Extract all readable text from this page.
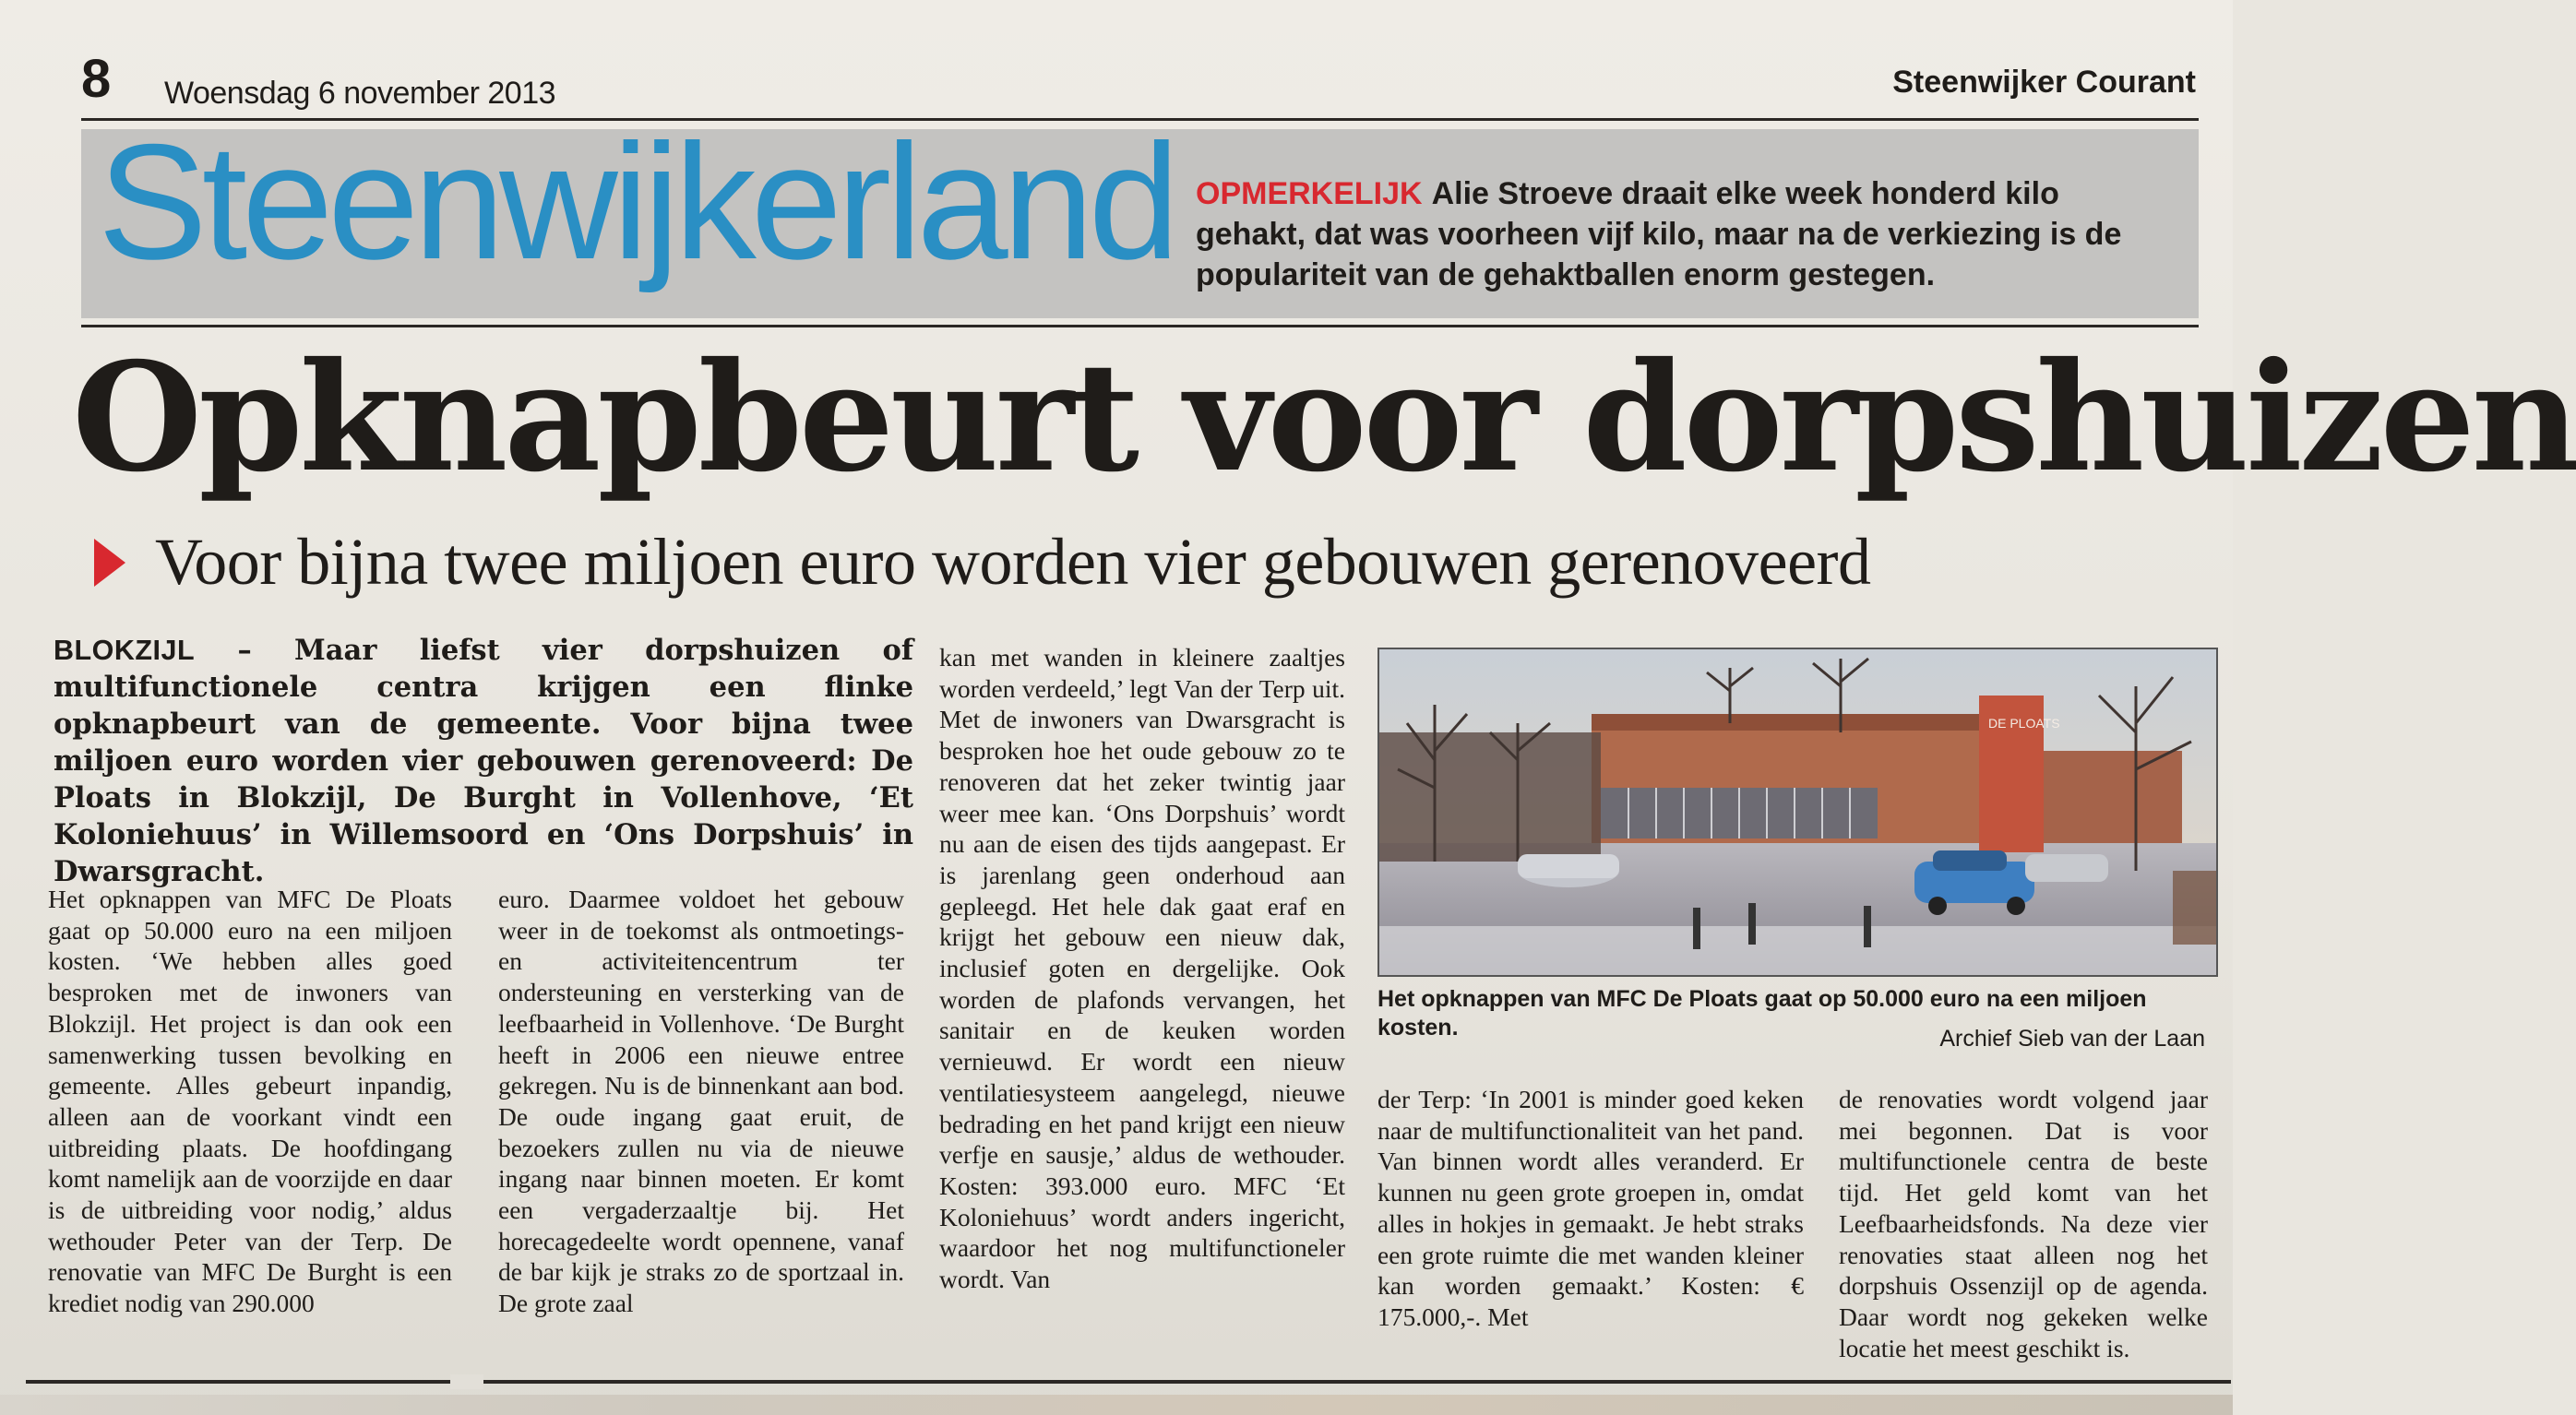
8 Woensdag 6 november 2013	Steenwijker Courant
Steenwijkerland OPMERKELIJK Alie Stroeve draait elke week honderd kilo gehakt, dat was voorheen vijf kilo, maar na de verkiezing is de populariteit van de gehaktballen enorm gestegen.
Opknapbeurt voor dorpshuizen
Voor bijna twee miljoen euro worden vier gebouwen gerenoveerd
BLOKZIJL – Maar liefst vier dorpshuizen of multifunctionele centra krijgen een flinke opknapbeurt van de gemeente. Voor bijna twee miljoen euro worden vier gebouwen gerenoveerd: De Ploats in Blokzijl, De Burght in Vollenhove, ‘Et Koloniehuus’ in Willemsoord en ‘Ons Dorpshuis’ in Dwarsgracht.
Het opknappen van MFC De Ploats gaat op 50.000 euro na een miljoen kosten. ‘We hebben alles goed besproken met de inwoners van Blokzijl. Het project is dan ook een samenwerking tussen bevolking en gemeente. Alles gebeurt inpandig, alleen aan de voorkant vindt een uitbreiding plaats. De hoofdingang komt namelijk aan de voorzijde en daar is de uitbreiding voor nodig,’ aldus wethouder Peter van der Terp. De renovatie van MFC De Burght is een krediet nodig van 290.000
euro. Daarmee voldoet het gebouw weer in de toekomst als ontmoetings- en activiteitencentrum ter ondersteuning en versterking van de leefbaarheid in Vollenhove. ‘De Burght heeft in 2006 een nieuwe entree gekregen. Nu is de binnenkant aan bod. De oude ingang gaat eruit, de bezoekers zullen nu via de nieuwe ingang naar binnen moeten. Er komt een vergaderzaaltje bij. Het horecagedeelte wordt opennene, vanaf de bar kijk je straks zo de sportzaal in. De grote zaal
kan met wanden in kleinere zaaltjes worden verdeeld,’ legt Van der Terp uit. Met de inwoners van Dwarsgracht is besproken hoe het oude gebouw zo te renoveren dat het zeker twintig jaar weer mee kan. ‘Ons Dorpshuis’ wordt nu aan de eisen des tijds aangepast. Er is jarenlang geen onderhoud aan gepleegd. Het hele dak gaat eraf en krijgt het gebouw een nieuw dak, inclusief goten en dergelijke. Ook worden de plafonds vervangen, het sanitair en de keuken worden vernieuwd. Er wordt een nieuw ventilatiesysteem aangelegd, nieuwe bedrading en het pand krijgt een nieuw verfje en sausje,’ aldus de wethouder. Kosten: 393.000 euro. MFC ‘Et Koloniehuus’ wordt anders ingericht, waardoor het nog multifunctioneler wordt. Van
DE PLOATS
Het opknappen van MFC De Ploats gaat op 50.000 euro na een miljoen kosten.	Archief Sieb van der Laan
der Terp: ‘In 2001 is minder goed keken naar de multifunctionaliteit van het pand. Van binnen wordt alles veranderd. Er kunnen nu geen grote groepen in, omdat alles in hokjes in gemaakt. Je hebt straks een grote ruimte die met wanden kleiner kan worden gemaakt.’ Kosten: € 175.000,-. Met
de renovaties wordt volgend jaar mei begonnen. Dat is voor multifunctionele centra de beste tijd. Het geld komt van het Leefbaarheidsfonds. Na deze vier renovaties staat alleen nog het dorpshuis Ossenzijl op de agenda. Daar wordt nog gekeken welke locatie het meest geschikt is.
